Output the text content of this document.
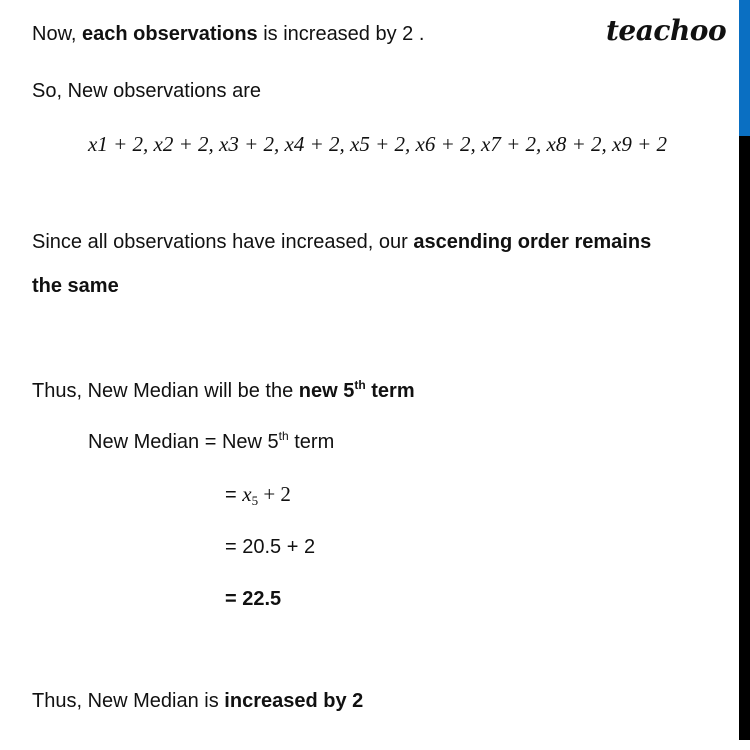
teachoo
Now, each observations is increased by 2 .
So, New observations are
x1 + 2, x2 + 2, x3 + 2, x4 + 2, x5 + 2, x6 + 2, x7 + 2, x8 + 2, x9 + 2
Since all observations have increased, our ascending order remains
the same
Thus, New Median will be the new 5th term
New Median = New 5th term
= $x_5 + 2$
= 20.5 + 2
= 22.5
Thus, New Median is increased by 2
